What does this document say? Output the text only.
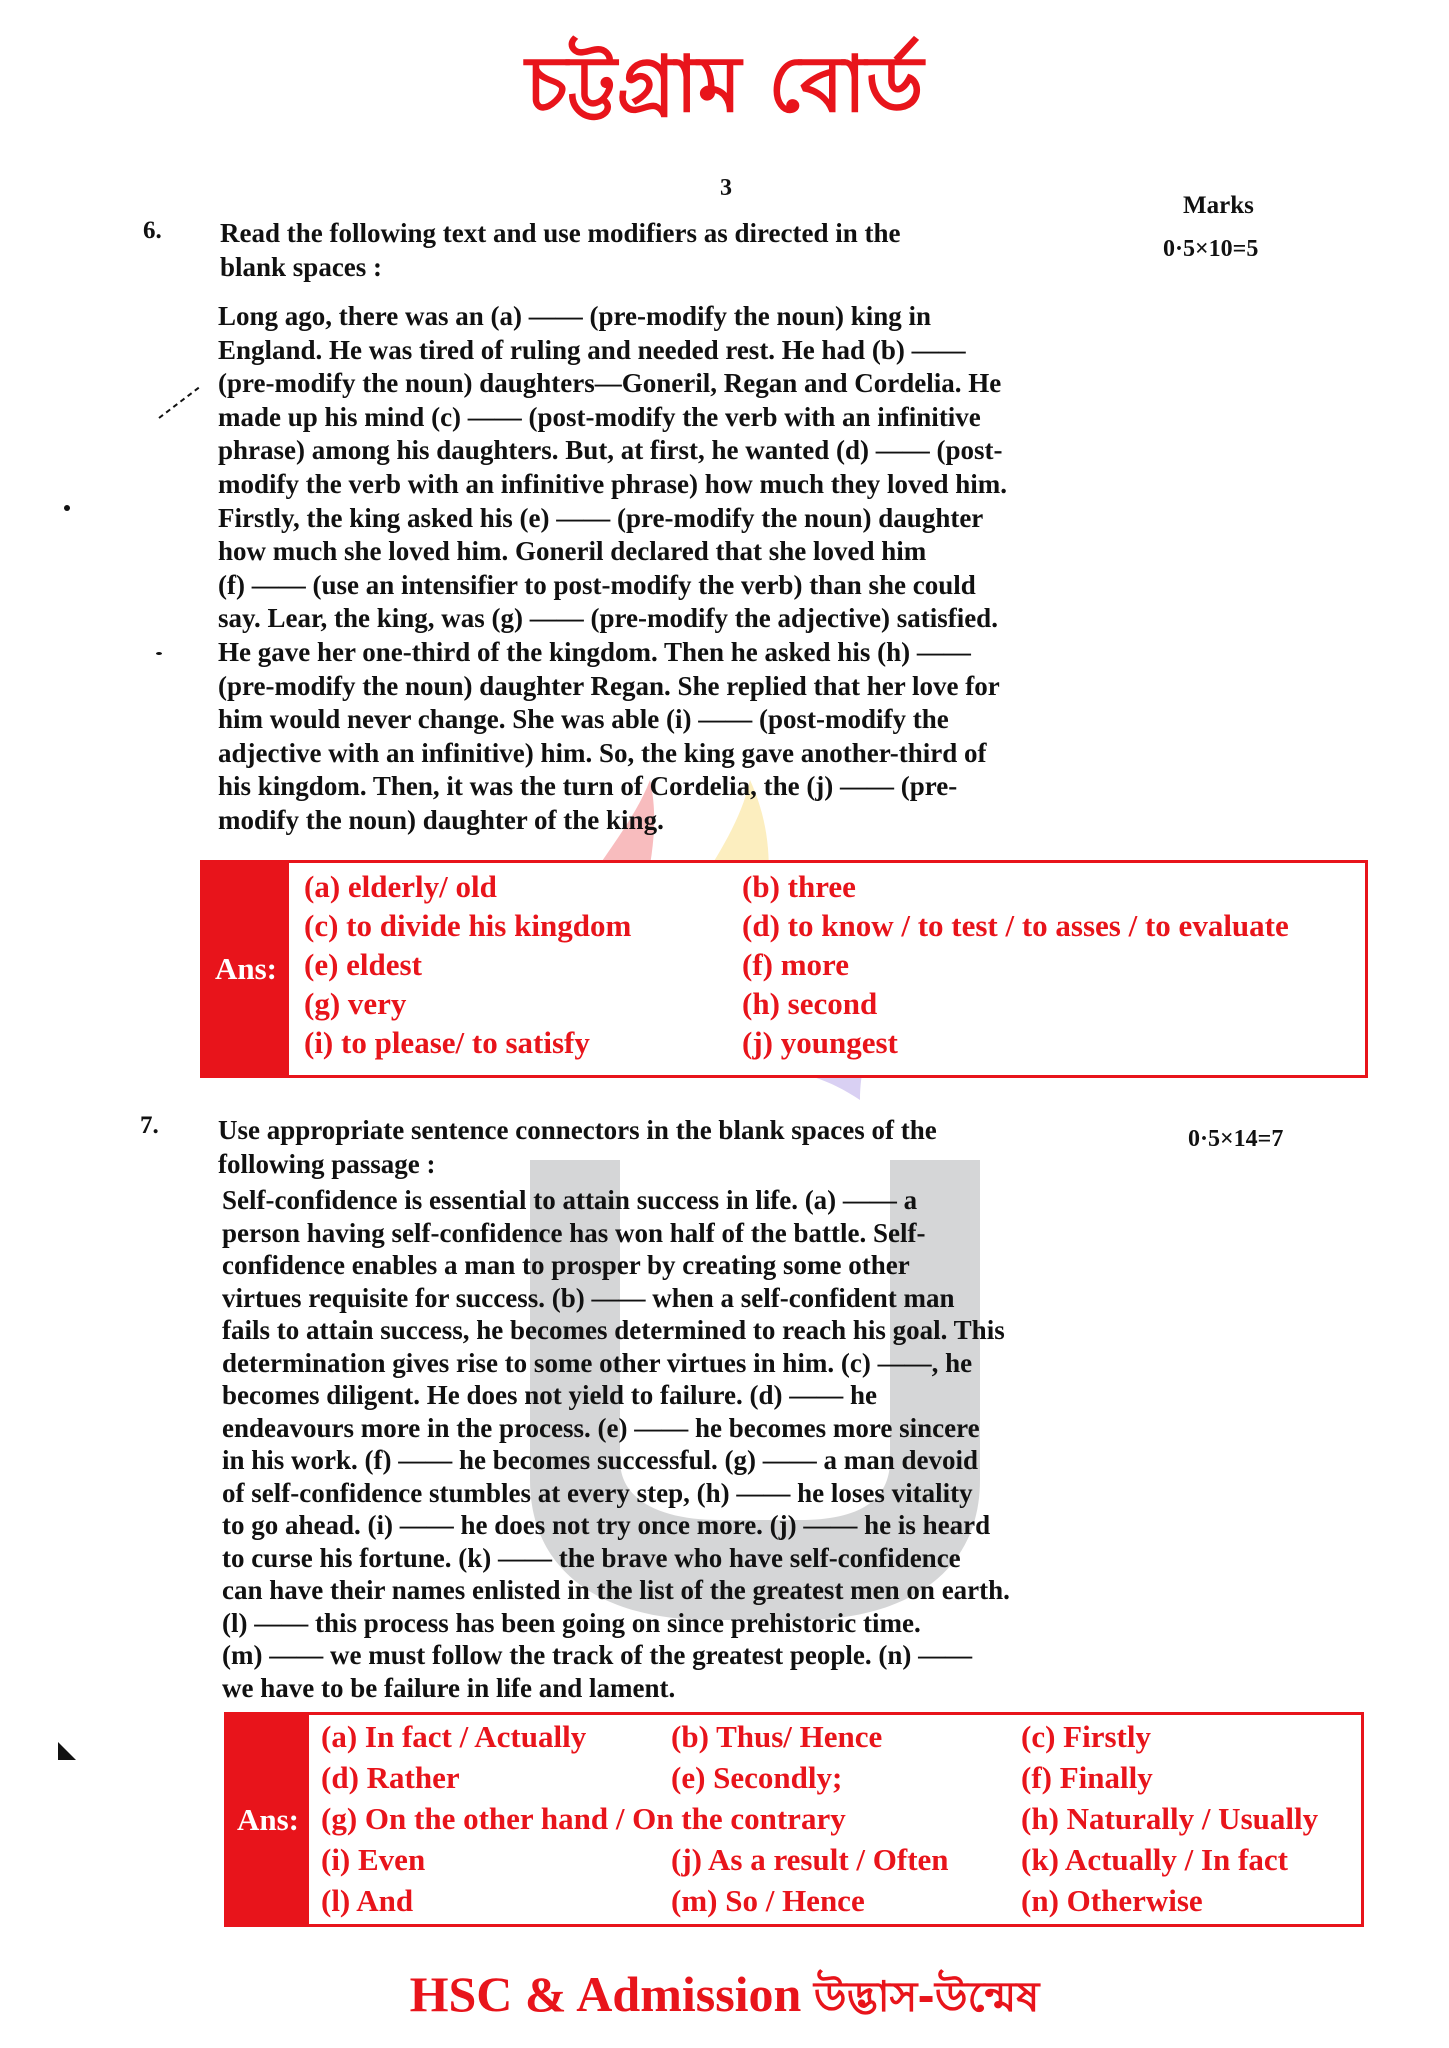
চট্টগ্রাম বোর্ড
3
Marks
6. Read the following text and use modifiers as directed in the
blank spaces :
0·5×10=5

Long ago, there was an (a) —— (pre-modify the noun) king in

England. He was tired of ruling and needed rest. He had (b) ——

(pre-modify the noun) daughters—Goneril, Regan and Cordelia. He

made up his mind (c) —— (post-modify the verb with an infinitive

phrase) among his daughters. But, at first, he wanted (d) —— (post-

modify the verb with an infinitive phrase) how much they loved him.

Firstly, the king asked his (e) —— (pre-modify the noun) daughter

how much she loved him. Goneril declared that she loved him

(f) —— (use an intensifier to post-modify the verb) than she could

say. Lear, the king, was (g) —— (pre-modify the adjective) satisfied.

He gave her one-third of the kingdom. Then he asked his (h) ——

(pre-modify the noun) daughter Regan. She replied that her love for

him would never change. She was able (i) —— (post-modify the

adjective with an infinitive) him. So, the king gave another-third of

his kingdom. Then, it was the turn of Cordelia, the (j) —— (pre-

modify the noun) daughter of the king.

Ans:
(a) elderly/ old	(b) three
(c) to divide his kingdom	(d) to know / to test / to asses / to evaluate
(e) eldest	(f) more
(g) very	(h) second
(i) to please/ to satisfy	(j) youngest
7. Use appropriate sentence connectors in the blank spaces of the
following passage :
0·5×14=7

Self-confidence is essential to attain success in life. (a) —— a

person having self-confidence has won half of the battle. Self-

confidence enables a man to prosper by creating some other

virtues requisite for success. (b) —— when a self-confident man

fails to attain success, he becomes determined to reach his goal. This

determination gives rise to some other virtues in him. (c) ——, he

becomes diligent. He does not yield to failure. (d) —— he

endeavours more in the process. (e) —— he becomes more sincere

in his work. (f) —— he becomes successful. (g) —— a man devoid

of self-confidence stumbles at every step, (h) —— he loses vitality

to go ahead. (i) —— he does not try once more. (j) —— he is heard

to curse his fortune. (k) —— the brave who have self-confidence

can have their names enlisted in the list of the greatest men on earth.

(l) —— this process has been going on since prehistoric time.

(m) —— we must follow the track of the greatest people. (n) ——

we have to be failure in life and lament.

Ans:
(a) In fact / Actually	(b) Thus/ Hence	(c) Firstly
(d) Rather	(e) Secondly;	(f) Finally
(g) On the other hand / On the contrary	(h) Naturally / Usually
(i) Even	(j) As a result / Often (k) Actually / In fact
(l) And	(m) So / Hence	(n) Otherwise
HSC & Admission উদ্ভাস-উন্মেষ
